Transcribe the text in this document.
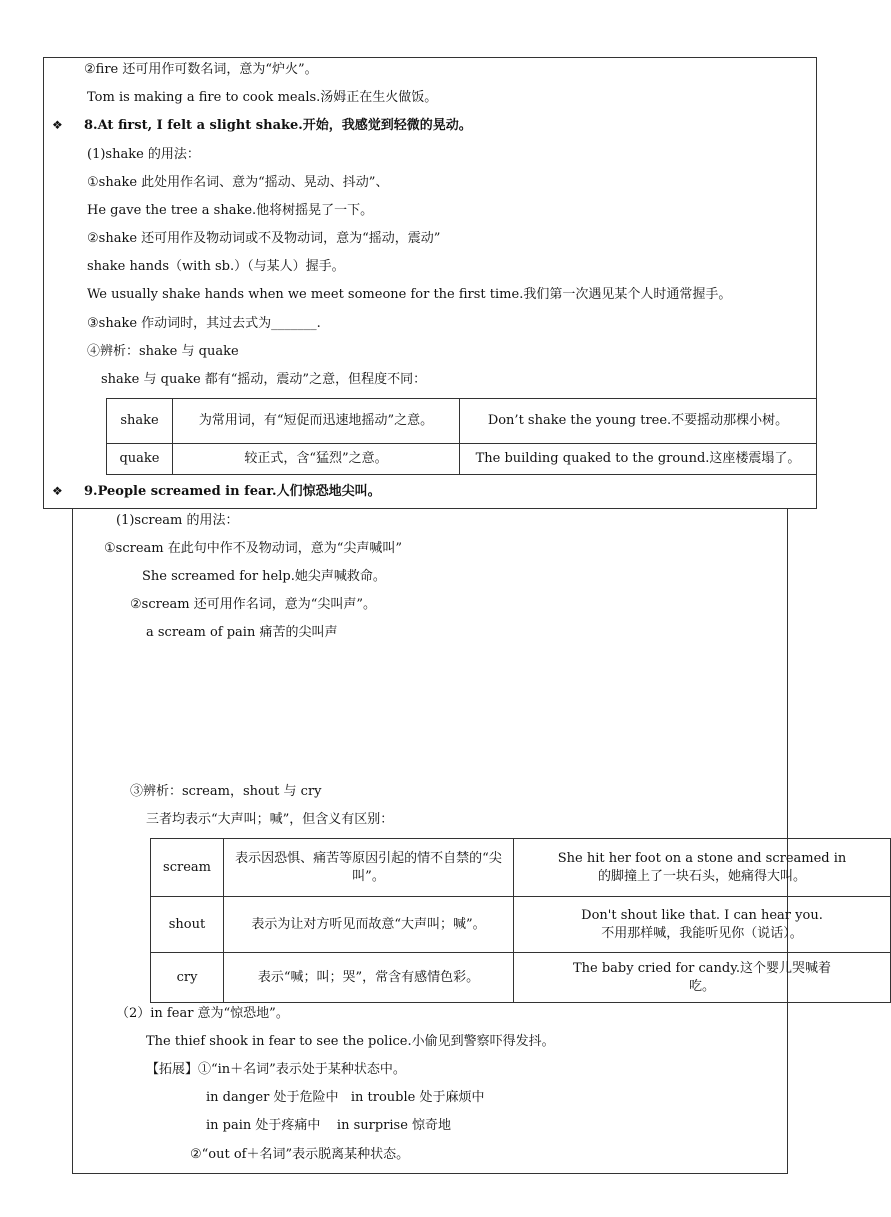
②fire 还可用作可数名词，意为“炉火”。
Tom is making a fire to cook meals.汤姆正在生火做饭。
❖ 8.At first, I felt a slight shake.开始，我感觉到轻微的晃动。
(1)shake 的用法：
①shake 此处用作名词、意为“摇动、晃动、抖动”、
He gave the tree a shake.他将树摇晃了一下。
②shake 还可用作及物动词或不及物动词，意为“摇动，震动”
shake hands（with sb.）（与某人）握手。
We usually shake hands when we meet someone for the first time.我们第一次遇见某个人时通常握手。
③shake 作动词时，其过去式为_______.
④辨析：shake 与 quake
shake 与 quake 都有“摇动，震动”之意，但程度不同：
shake	为常用词，有“短促而迅速地摇动”之意。	Don’t shake the young tree.不要摇动那棵小树。
quake	较正式，含“猛烈”之意。	The building quaked to the ground.这座楼震塌了。
❖ 9.People screamed in fear.人们惊恐地尖叫。
(1)scream 的用法：
①scream 在此句中作不及物动词，意为“尖声喊叫”
She screamed for help.她尖声喊救命。
②scream 还可用作名词，意为“尖叫声”。
a scream of pain 痛苦的尖叫声
③辨析：scream，shout 与 cry
三者均表示“大声叫；喊”，但含义有区别：
scream	表示因恐惧、痛苦等原因引起的情不自禁的“尖叫”。	She hit her foot on a stone and screamed in

的脚撞上了一块石头，她痛得大叫。

shout	表示为让对方听见而故意“大声叫；喊”。	Don't shout like that. I can hear you.

不用那样喊，我能听见你（说话）。

cry	表示“喊；叫；哭”，常含有感情色彩。	The baby cried for candy.这个婴儿哭喊着

吃。

（2）in fear 意为“惊恐地”。
The thief shook in fear to see the police.小偷见到警察吓得发抖。
【拓展】①“in＋名词”表示处于某种状态中。
in danger 处于危险中   in trouble 处于麻烦中
in pain 处于疼痛中    in surprise 惊奇地
②“out of＋名词”表示脱离某种状态。
